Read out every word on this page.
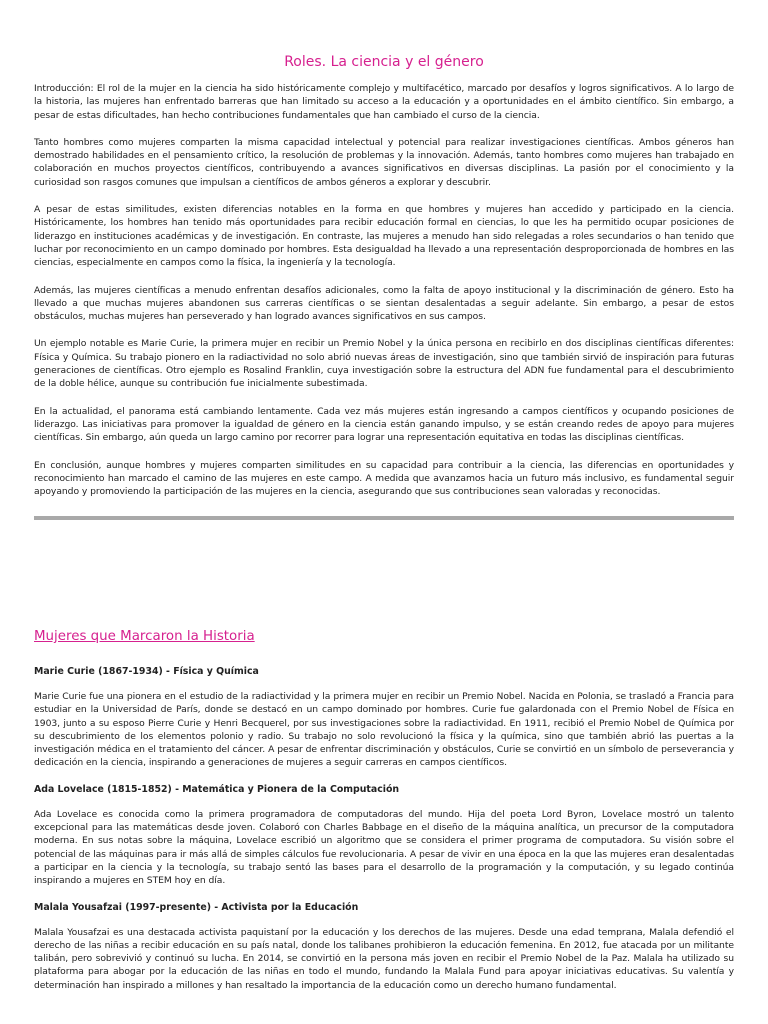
Roles. La ciencia y el género

Introducción: El rol de la mujer en la ciencia ha sido históricamente complejo y multifacético, marcado por desafíos y logros significativos. A lo largo de la historia, las mujeres han enfrentado barreras que han limitado su acceso a la educación y a oportunidades en el ámbito científico. Sin embargo, a pesar de estas dificultades, han hecho contribuciones fundamentales que han cambiado el curso de la ciencia.

Tanto hombres como mujeres comparten la misma capacidad intelectual y potencial para realizar investigaciones científicas. Ambos géneros han demostrado habilidades en el pensamiento crítico, la resolución de problemas y la innovación. Además, tanto hombres como mujeres han trabajado en colaboración en muchos proyectos científicos, contribuyendo a avances significativos en diversas disciplinas. La pasión por el conocimiento y la curiosidad son rasgos comunes que impulsan a científicos de ambos géneros a explorar y descubrir.

A pesar de estas similitudes, existen diferencias notables en la forma en que hombres y mujeres han accedido y participado en la ciencia. Históricamente, los hombres han tenido más oportunidades para recibir educación formal en ciencias, lo que les ha permitido ocupar posiciones de liderazgo en instituciones académicas y de investigación. En contraste, las mujeres a menudo han sido relegadas a roles secundarios o han tenido que luchar por reconocimiento en un campo dominado por hombres. Esta desigualdad ha llevado a una representación desproporcionada de hombres en las ciencias, especialmente en campos como la física, la ingeniería y la tecnología.

Además, las mujeres científicas a menudo enfrentan desafíos adicionales, como la falta de apoyo institucional y la discriminación de género. Esto ha llevado a que muchas mujeres abandonen sus carreras científicas o se sientan desalentadas a seguir adelante. Sin embargo, a pesar de estos obstáculos, muchas mujeres han perseverado y han logrado avances significativos en sus campos.

Un ejemplo notable es Marie Curie, la primera mujer en recibir un Premio Nobel y la única persona en recibirlo en dos disciplinas científicas diferentes: Física y Química. Su trabajo pionero en la radiactividad no solo abrió nuevas áreas de investigación, sino que también sirvió de inspiración para futuras generaciones de científicas. Otro ejemplo es Rosalind Franklin, cuya investigación sobre la estructura del ADN fue fundamental para el descubrimiento de la doble hélice, aunque su contribución fue inicialmente subestimada.

En la actualidad, el panorama está cambiando lentamente. Cada vez más mujeres están ingresando a campos científicos y ocupando posiciones de liderazgo. Las iniciativas para promover la igualdad de género en la ciencia están ganando impulso, y se están creando redes de apoyo para mujeres científicas. Sin embargo, aún queda un largo camino por recorrer para lograr una representación equitativa en todas las disciplinas científicas.

En conclusión, aunque hombres y mujeres comparten similitudes en su capacidad para contribuir a la ciencia, las diferencias en oportunidades y reconocimiento han marcado el camino de las mujeres en este campo. A medida que avanzamos hacia un futuro más inclusivo, es fundamental seguir apoyando y promoviendo la participación de las mujeres en la ciencia, asegurando que sus contribuciones sean valoradas y reconocidas.

Mujeres que Marcaron la Historia
Marie Curie (1867-1934) - Física y Química

Marie Curie fue una pionera en el estudio de la radiactividad y la primera mujer en recibir un Premio Nobel. Nacida en Polonia, se trasladó a Francia para estudiar en la Universidad de París, donde se destacó en un campo dominado por hombres. Curie fue galardonada con el Premio Nobel de Física en 1903, junto a su esposo Pierre Curie y Henri Becquerel, por sus investigaciones sobre la radiactividad. En 1911, recibió el Premio Nobel de Química por su descubrimiento de los elementos polonio y radio. Su trabajo no solo revolucionó la física y la química, sino que también abrió las puertas a la investigación médica en el tratamiento del cáncer. A pesar de enfrentar discriminación y obstáculos, Curie se convirtió en un símbolo de perseverancia y dedicación en la ciencia, inspirando a generaciones de mujeres a seguir carreras en campos científicos.

Ada Lovelace (1815-1852) - Matemática y Pionera de la Computación

Ada Lovelace es conocida como la primera programadora de computadoras del mundo. Hija del poeta Lord Byron, Lovelace mostró un talento excepcional para las matemáticas desde joven. Colaboró con Charles Babbage en el diseño de la máquina analítica, un precursor de la computadora moderna. En sus notas sobre la máquina, Lovelace escribió un algoritmo que se considera el primer programa de computadora. Su visión sobre el potencial de las máquinas para ir más allá de simples cálculos fue revolucionaria. A pesar de vivir en una época en la que las mujeres eran desalentadas a participar en la ciencia y la tecnología, su trabajo sentó las bases para el desarrollo de la programación y la computación, y su legado continúa inspirando a mujeres en STEM hoy en día.

Malala Yousafzai (1997-presente) - Activista por la Educación

Malala Yousafzai es una destacada activista paquistaní por la educación y los derechos de las mujeres. Desde una edad temprana, Malala defendió el derecho de las niñas a recibir educación en su país natal, donde los talibanes prohibieron la educación femenina. En 2012, fue atacada por un militante talibán, pero sobrevivió y continuó su lucha. En 2014, se convirtió en la persona más joven en recibir el Premio Nobel de la Paz. Malala ha utilizado su plataforma para abogar por la educación de las niñas en todo el mundo, fundando la Malala Fund para apoyar iniciativas educativas. Su valentía y determinación han inspirado a millones y han resaltado la importancia de la educación como un derecho humano fundamental.
